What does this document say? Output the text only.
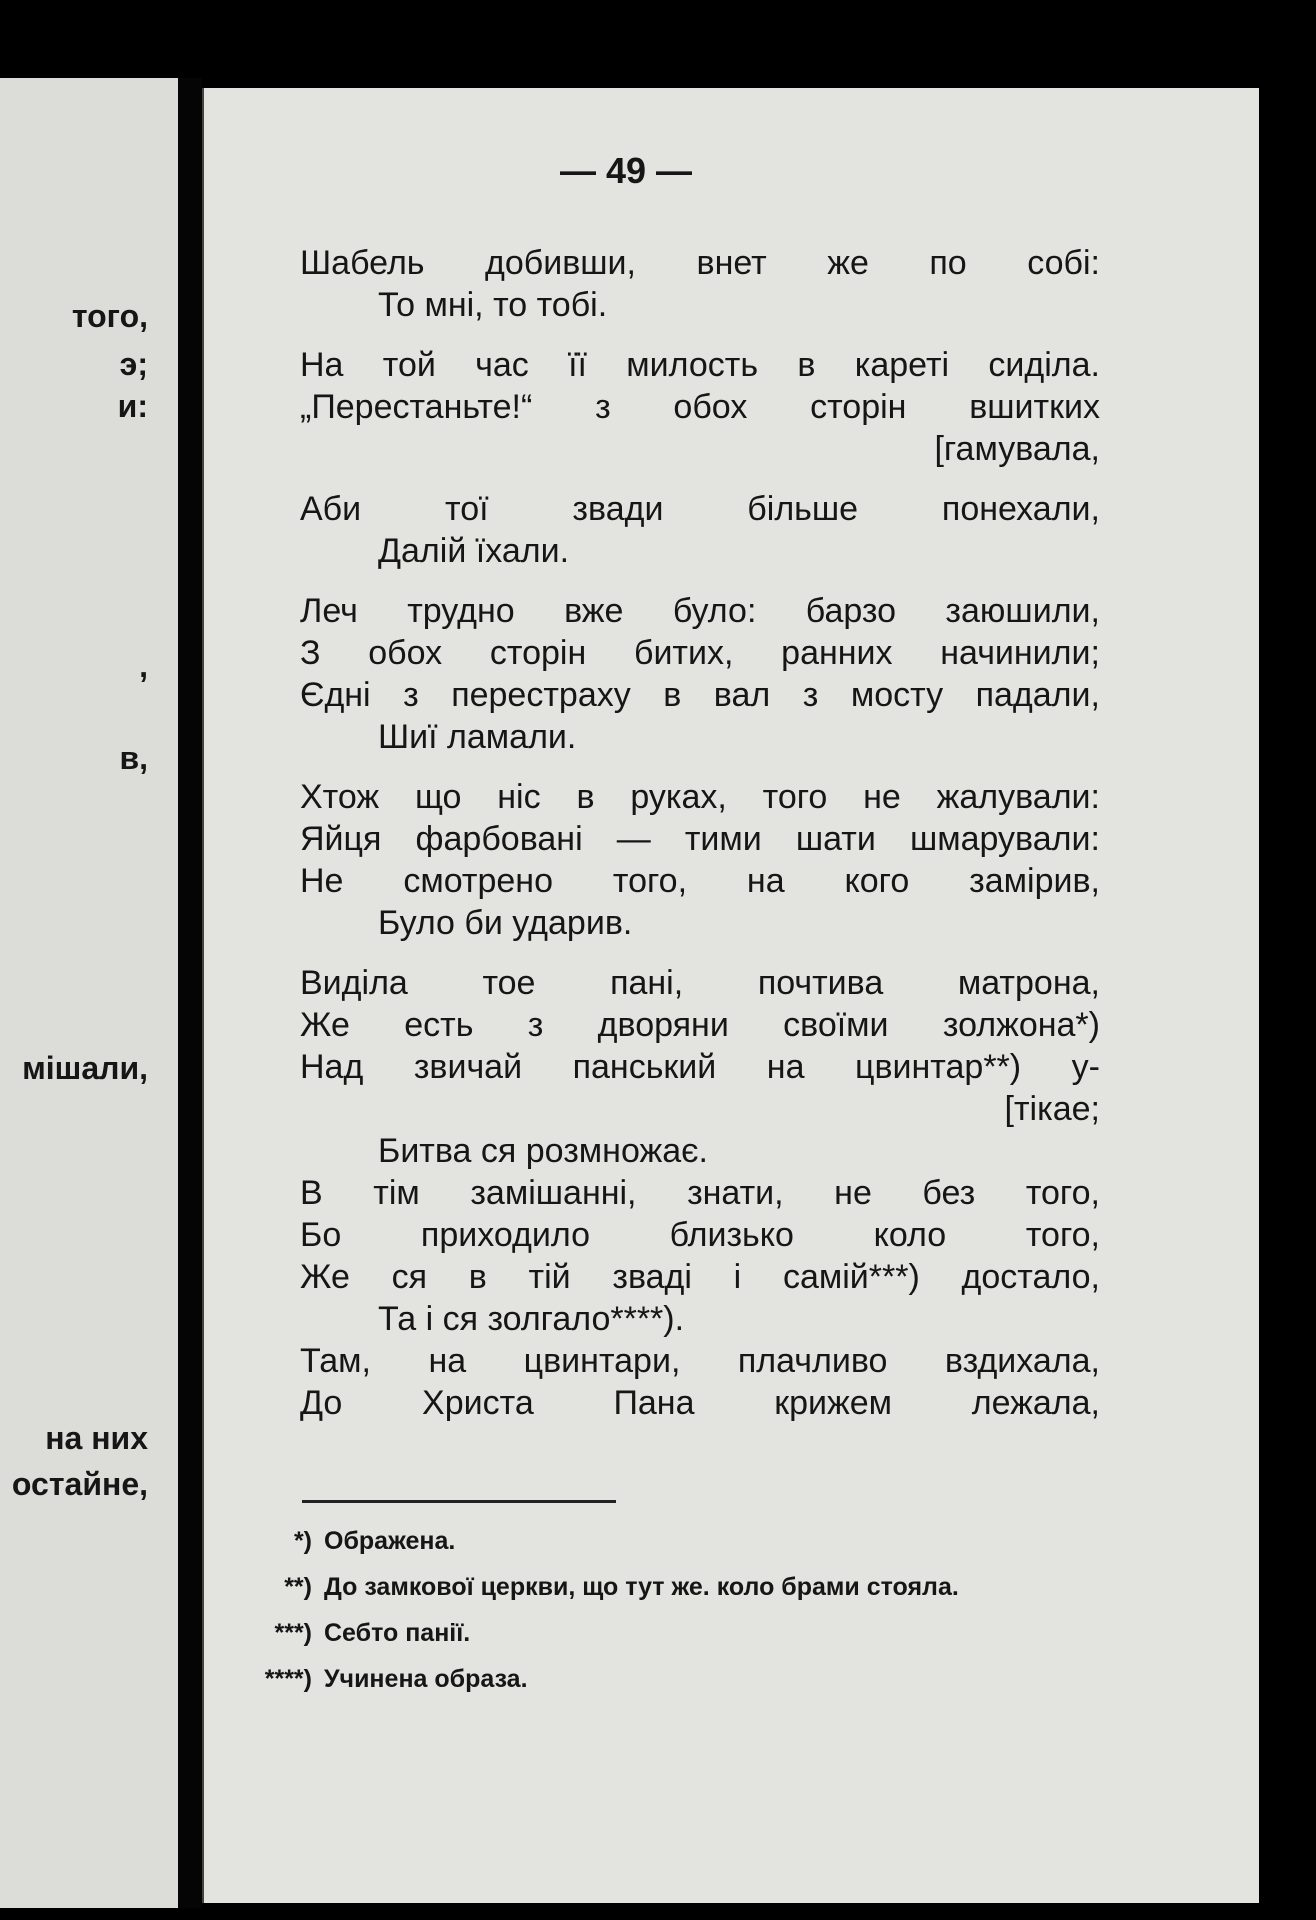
того,
э;
и:
,
в,
мішали,
на них
остайне,
— 49 —
Шабель добивши, внет же по собі:
То мні, то тобі.
На той час її милость в кареті сиділа.
„Перестаньте!“ з обох сторін вшитких
[гамувала,
Аби тої звади більше понехали,
Далій їхали.
Леч трудно вже було: барзо заюшили,
З обох сторін битих, ранних начинили;
Єдні з перестраху в вал з мосту падали,
Шиї ламали.
Хтож що ніс в руках, того не жалували:
Яйця фарбовані — тими шати шмарували:
Не смотрено того, на кого замірив,
Було би ударив.
Виділа тое пані, почтива матрона,
Же есть з дворяни своїми золжона*)
Над звичай панський на цвинтар**) у-
[тікае;
Битва ся розмножає.
В тім замішанні, знати, не без того,
Бо приходило близько коло того,
Же ся в тій зваді і самій***) достало,
Та і ся золгало****).
Там, на цвинтари, плачливо вздихала,
До Христа Пана крижем лежала,
*) Ображена.
**) До замкової церкви, що тут же. коло брами стояла.
***) Себто панії.
****) Учинена образа.
